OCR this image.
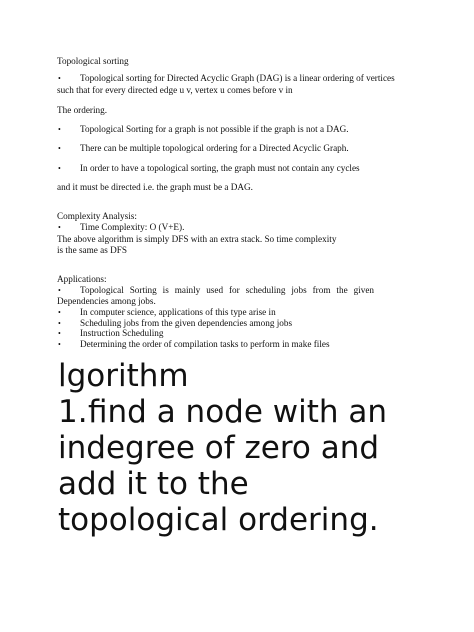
Topological sorting
• Topological sorting for Directed Acyclic Graph (DAG) is a linear ordering of vertices
such that for every directed edge u v, vertex u comes before v in
The ordering.
• Topological Sorting for a graph is not possible if the graph is not a DAG.
• There can be multiple topological ordering for a Directed Acyclic Graph.
• In order to have a topological sorting, the graph must not contain any cycles
and it must be directed i.e. the graph must be a DAG.
Complexity Analysis:
• Time Complexity: O (V+E).
The above algorithm is simply DFS with an extra stack. So time complexity
is the same as DFS
Applications:
• Topological Sorting is mainly used for scheduling jobs from the given
Dependencies among jobs.
• In computer science, applications of this type arise in
• Scheduling jobs from the given dependencies among jobs
• Instruction Scheduling
• Determining the order of compilation tasks to perform in make files
lgorithm
1.find a node with an
indegree of zero and
add it to the
topological ordering.
